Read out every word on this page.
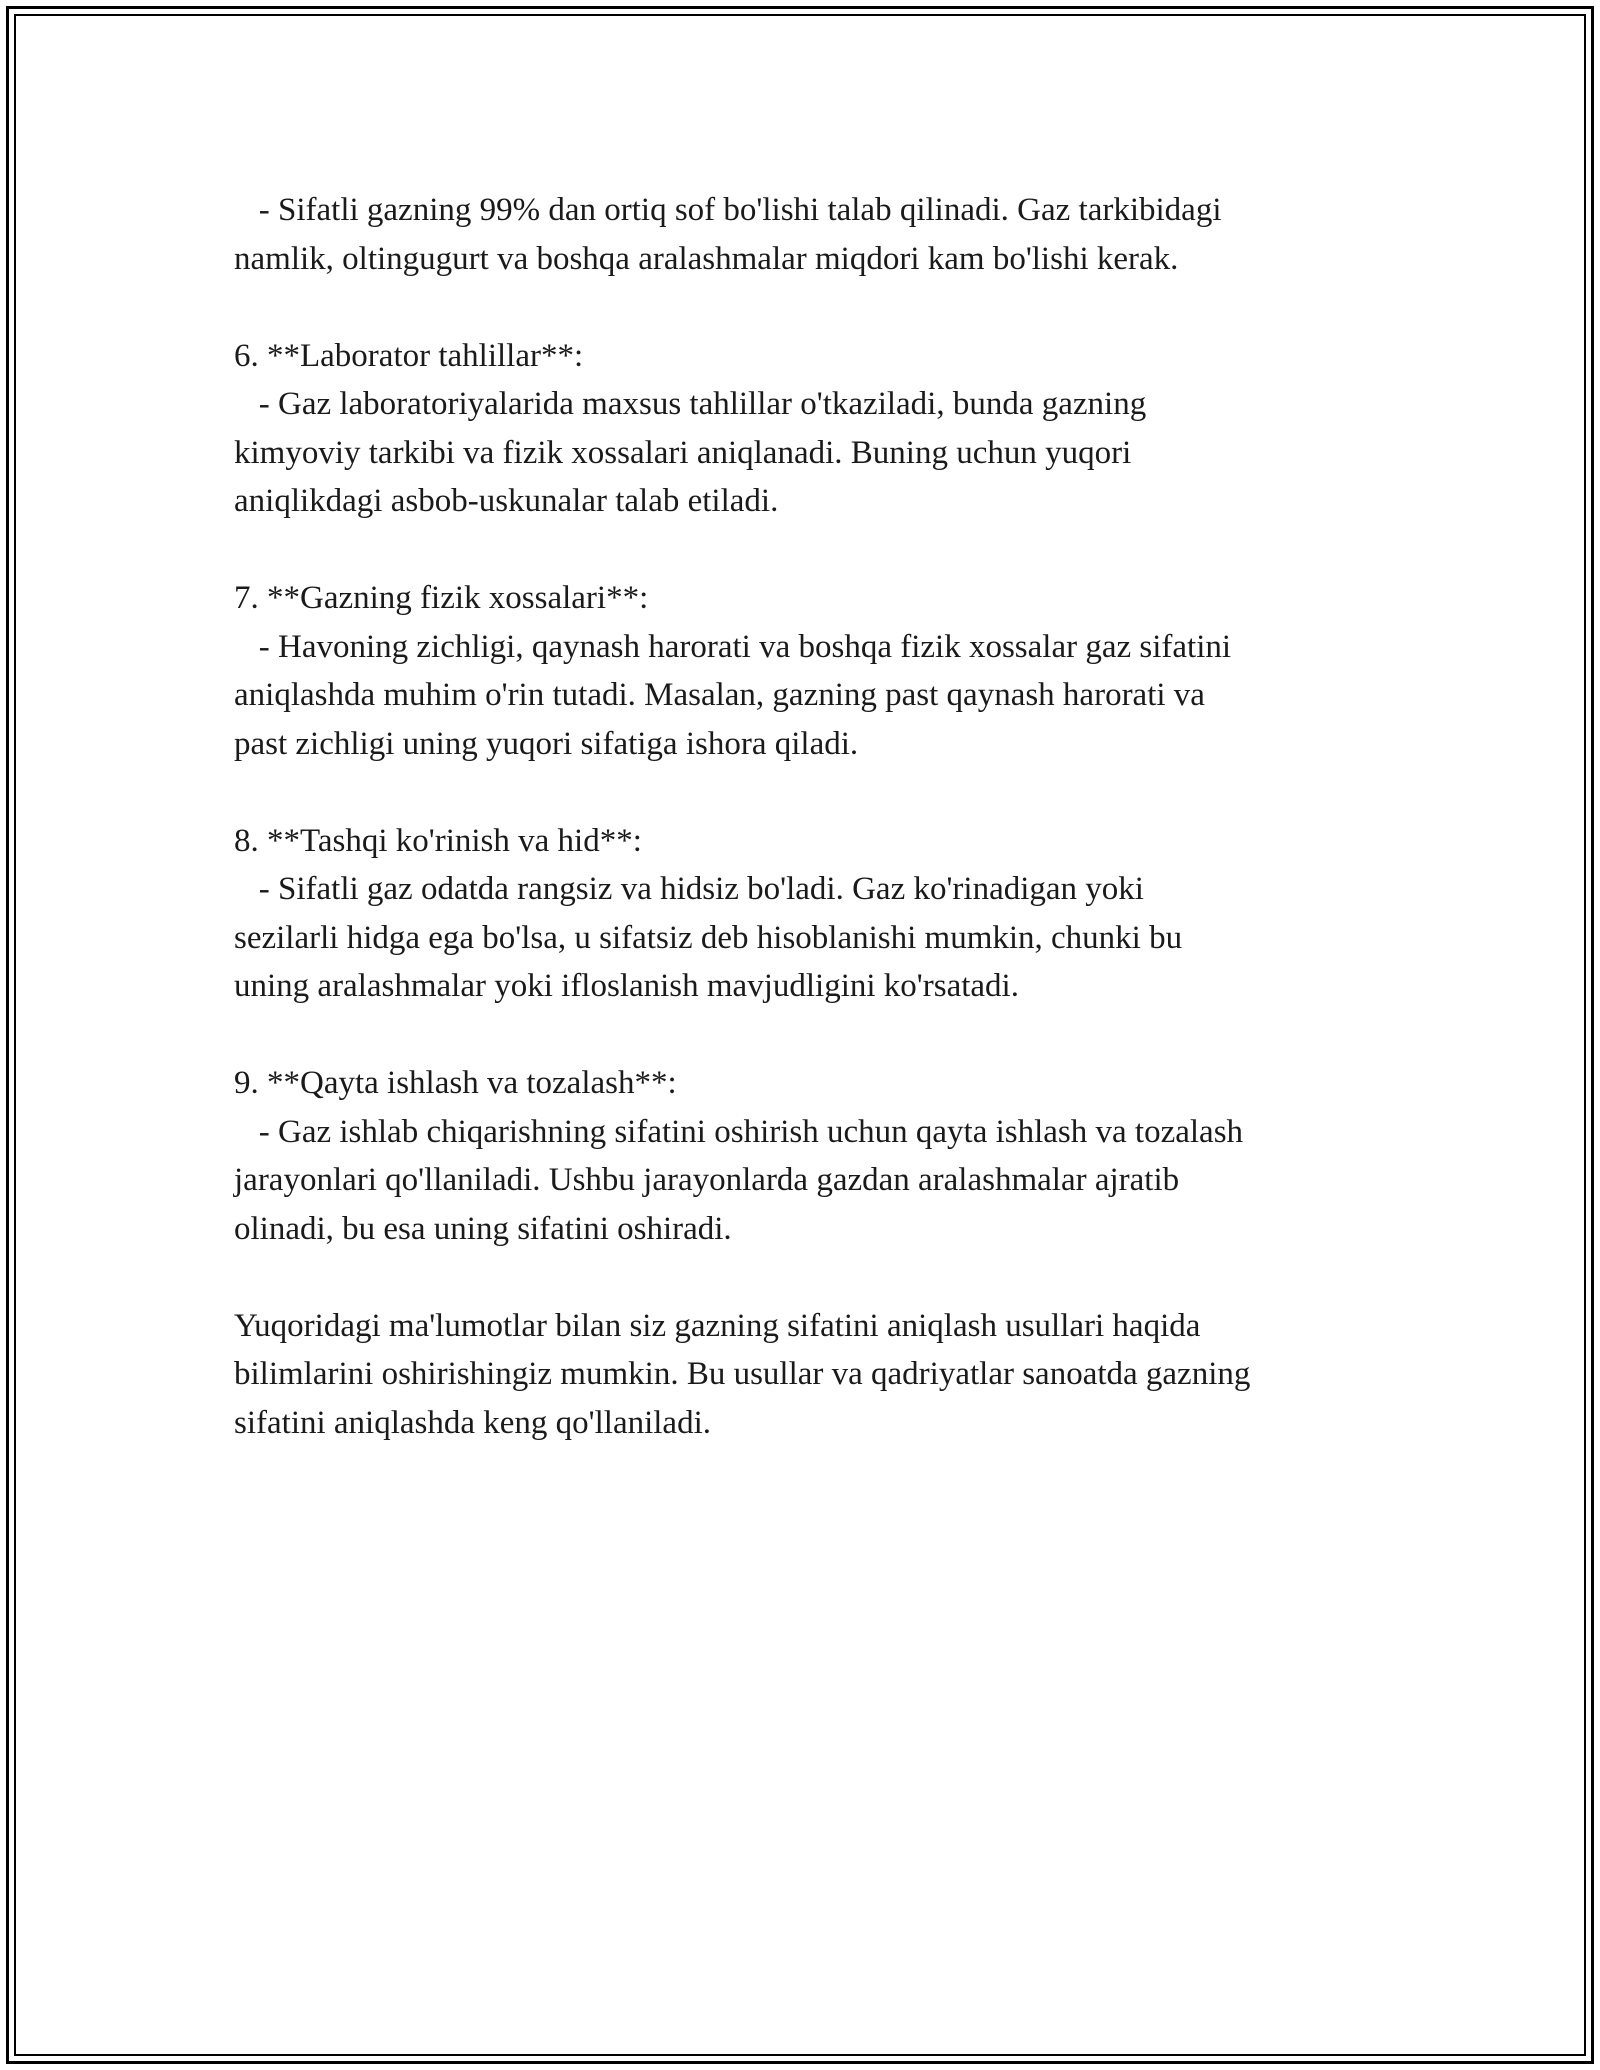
- Sifatli gazning 99% dan ortiq sof bo'lishi talab qilinadi. Gaz tarkibidagi
namlik, oltingugurt va boshqa aralashmalar miqdori kam bo'lishi kerak.
6. **Laborator tahlillar**:
- Gaz laboratoriyalarida maxsus tahlillar o'tkaziladi, bunda gazning
kimyoviy tarkibi va fizik xossalari aniqlanadi. Buning uchun yuqori
aniqlikdagi asbob-uskunalar talab etiladi.
7. **Gazning fizik xossalari**:
- Havoning zichligi, qaynash harorati va boshqa fizik xossalar gaz sifatini
aniqlashda muhim o'rin tutadi. Masalan, gazning past qaynash harorati va
past zichligi uning yuqori sifatiga ishora qiladi.
8. **Tashqi ko'rinish va hid**:
- Sifatli gaz odatda rangsiz va hidsiz bo'ladi. Gaz ko'rinadigan yoki
sezilarli hidga ega bo'lsa, u sifatsiz deb hisoblanishi mumkin, chunki bu
uning aralashmalar yoki ifloslanish mavjudligini ko'rsatadi.
9. **Qayta ishlash va tozalash**:
- Gaz ishlab chiqarishning sifatini oshirish uchun qayta ishlash va tozalash
jarayonlari qo'llaniladi. Ushbu jarayonlarda gazdan aralashmalar ajratib
olinadi, bu esa uning sifatini oshiradi.
Yuqoridagi ma'lumotlar bilan siz gazning sifatini aniqlash usullari haqida
bilimlarini oshirishingiz mumkin. Bu usullar va qadriyatlar sanoatda gazning
sifatini aniqlashda keng qo'llaniladi.
